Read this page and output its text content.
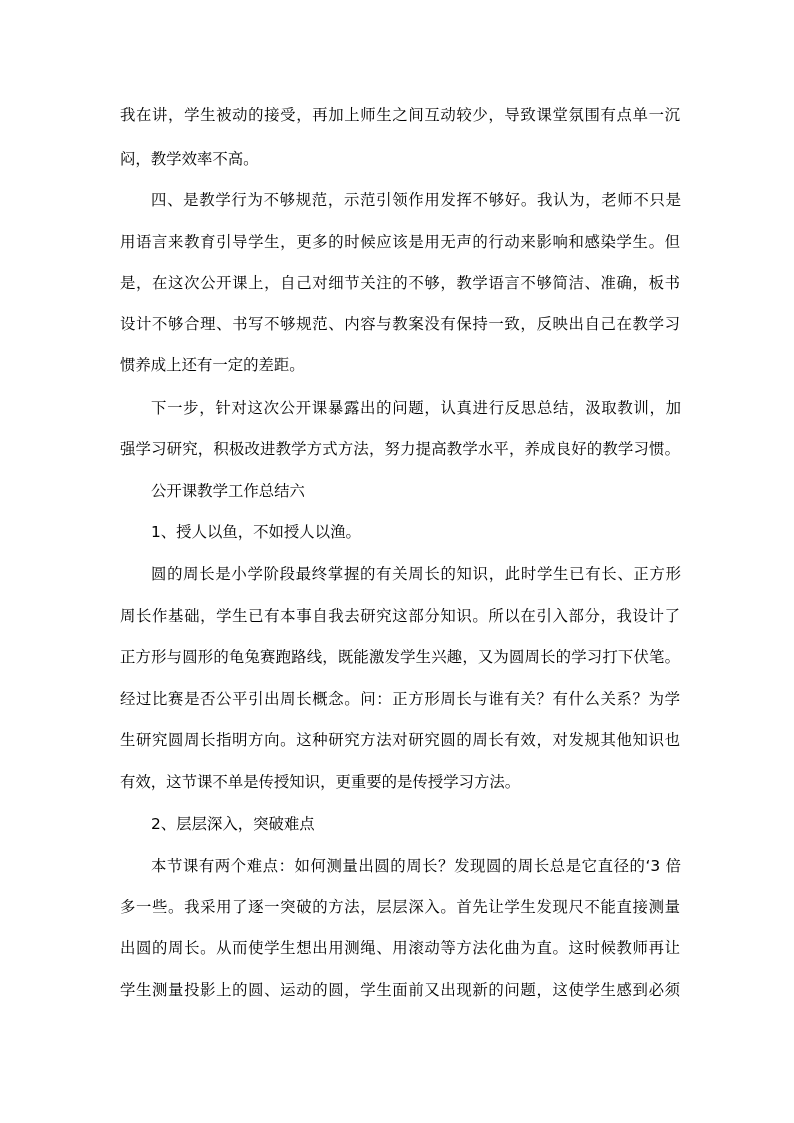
我在讲，学生被动的接受，再加上师生之间互动较少，导致课堂氛围有点单一沉
闷，教学效率不高。
四、是教学行为不够规范，示范引领作用发挥不够好。我认为，老师不只是
用语言来教育引导学生，更多的时候应该是用无声的行动来影响和感染学生。但
是，在这次公开课上，自己对细节关注的不够，教学语言不够简洁、准确，板书
设计不够合理、书写不够规范、内容与教案没有保持一致，反映出自己在教学习
惯养成上还有一定的差距。
下一步，针对这次公开课暴露出的问题，认真进行反思总结，汲取教训，加
强学习研究，积极改进教学方式方法，努力提高教学水平，养成良好的教学习惯。
公开课教学工作总结六
1、授人以鱼，不如授人以渔。
圆的周长是小学阶段最终掌握的有关周长的知识，此时学生已有长、正方形
周长作基础，学生已有本事自我去研究这部分知识。所以在引入部分，我设计了
正方形与圆形的龟兔赛跑路线，既能激发学生兴趣，又为圆周长的学习打下伏笔。
经过比赛是否公平引出周长概念。问：正方形周长与谁有关？有什么关系？为学
生研究圆周长指明方向。这种研究方法对研究圆的周长有效，对发规其他知识也
有效，这节课不单是传授知识，更重要的是传授学习方法。
2、层层深入，突破难点
本节课有两个难点：如何测量出圆的周长？发现圆的周长总是它直径的‘3 倍
多一些。我采用了逐一突破的方法，层层深入。首先让学生发现尺不能直接测量
出圆的周长。从而使学生想出用测绳、用滚动等方法化曲为直。这时候教师再让
学生测量投影上的圆、运动的圆，学生面前又出现新的问题，这使学生感到必须
